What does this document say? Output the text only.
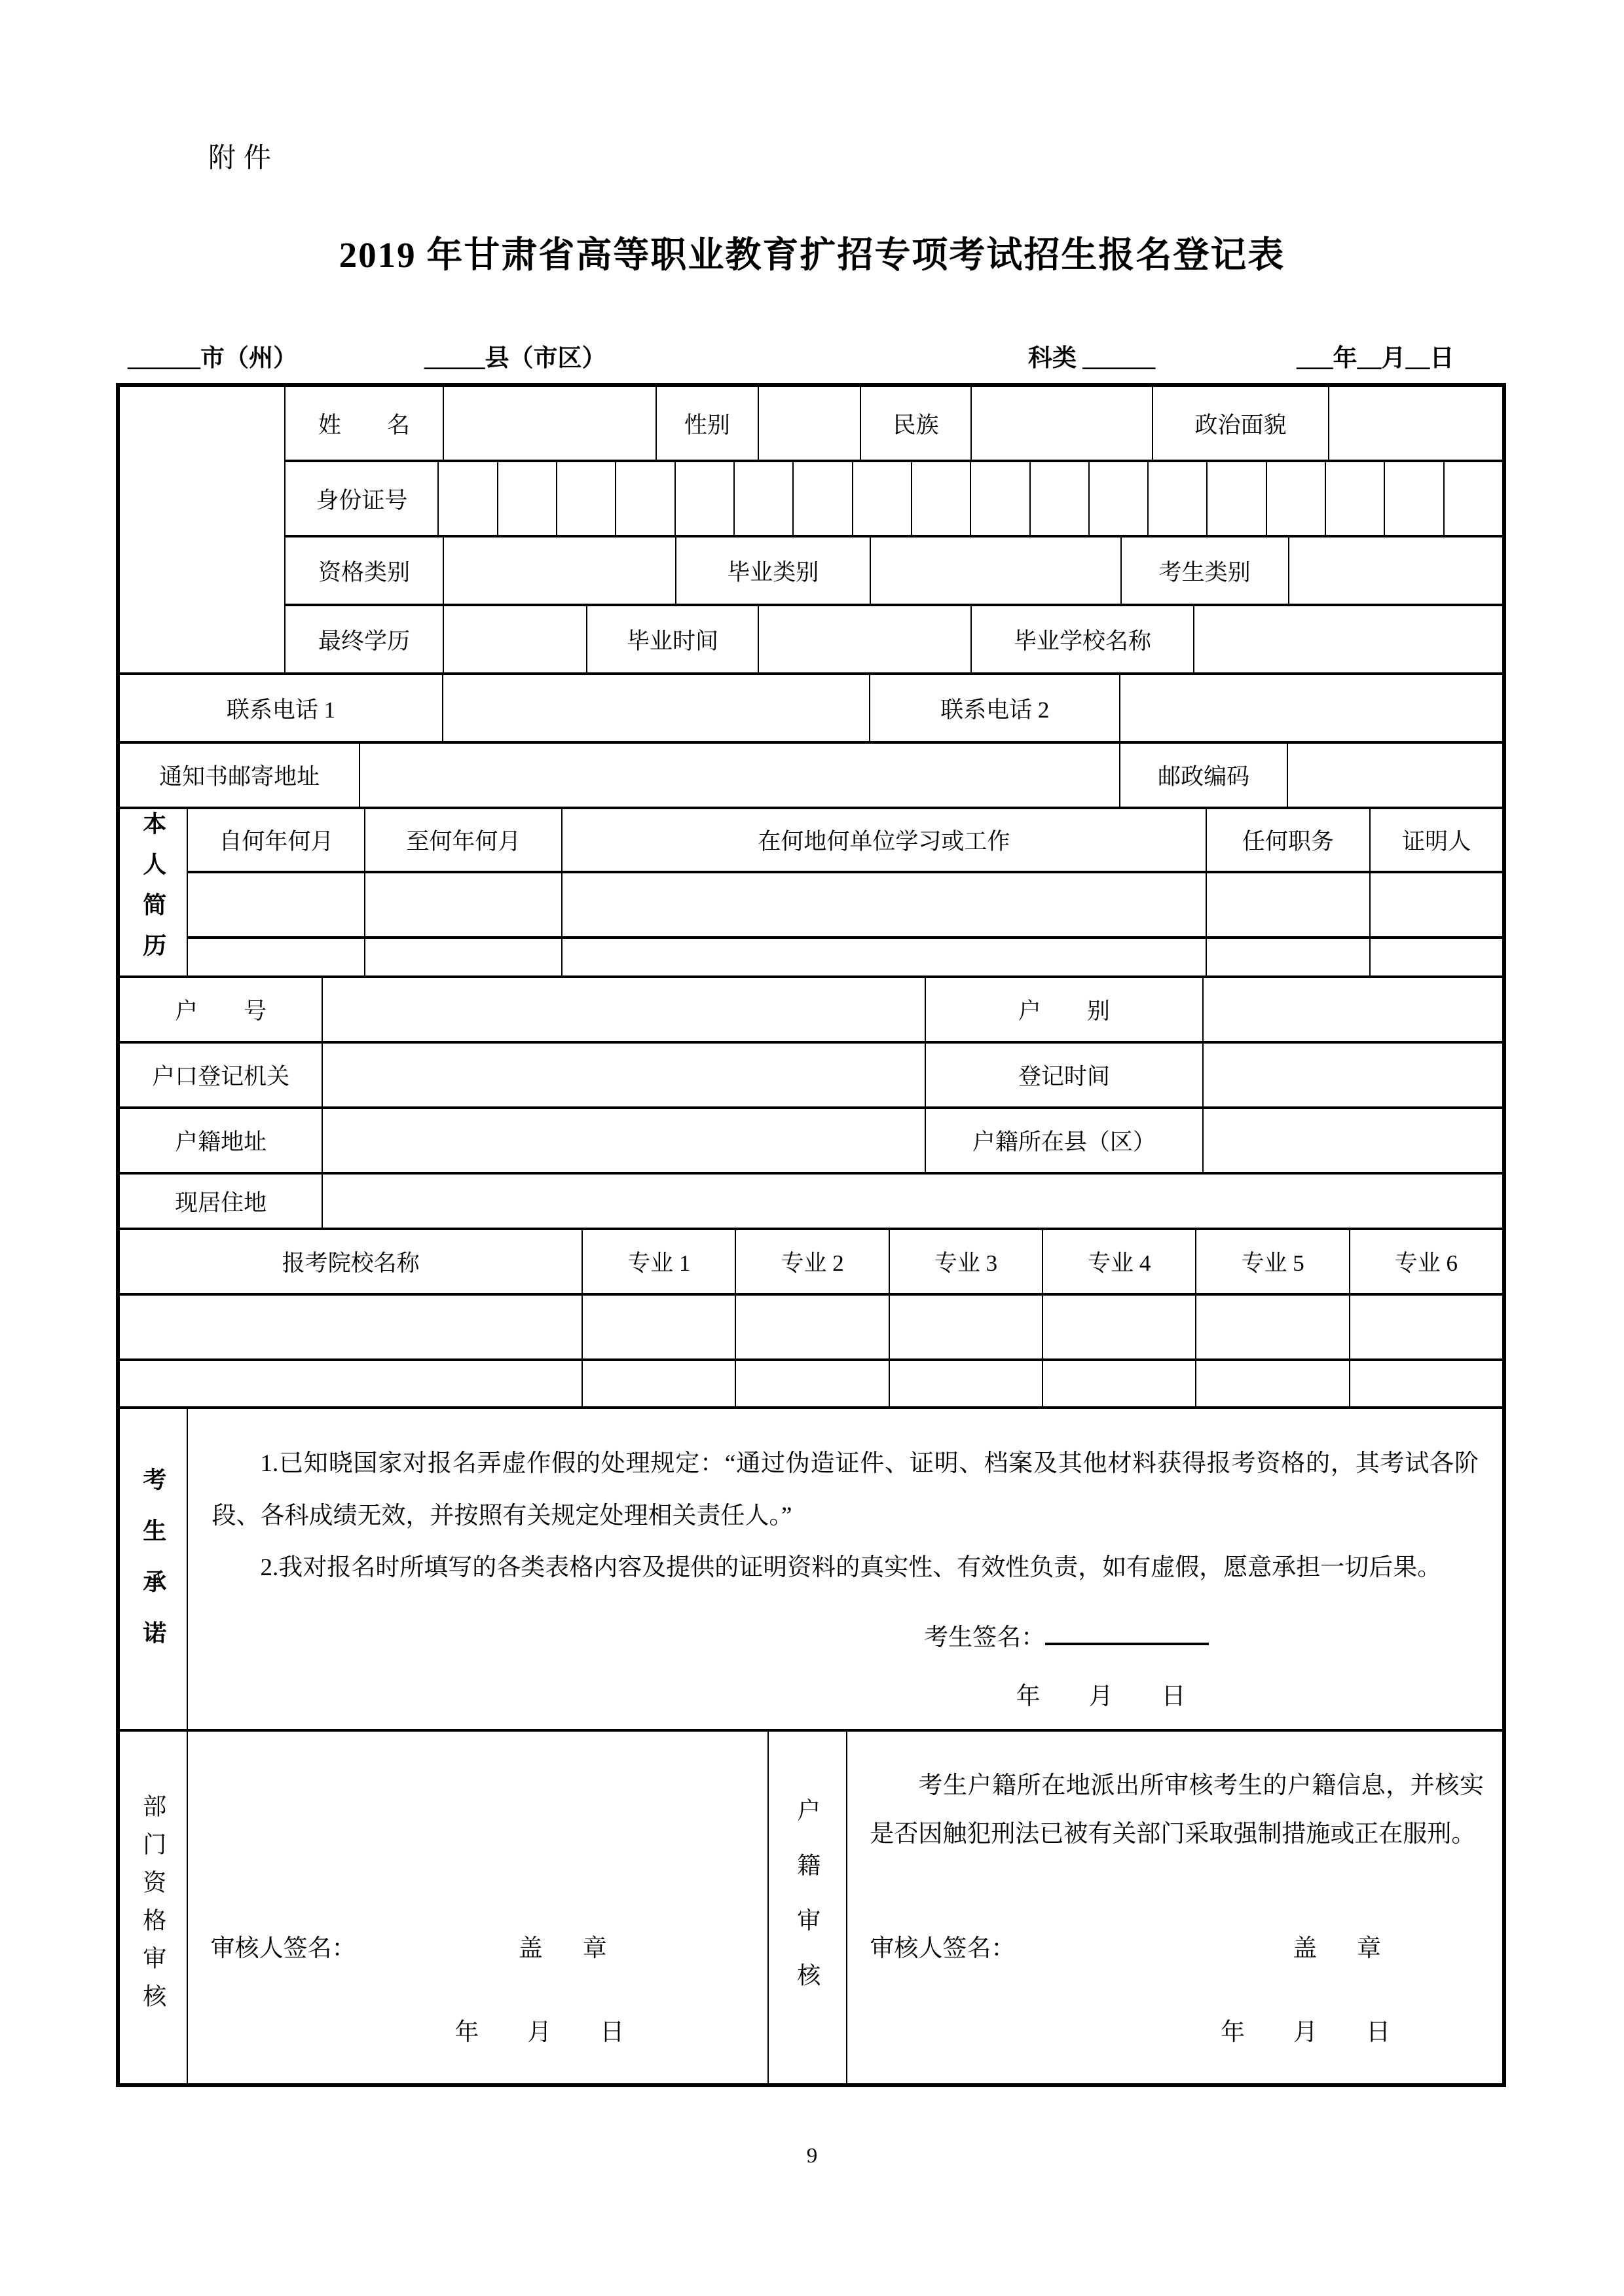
附件
2019 年甘肃省高等职业教育扩招专项考试招生报名登记表
______市（州）	_____县（市区）	科类 ______	___年__月__日
姓　　名	性别	民族	政治面貌
身份证号
资格类别	毕业类别	考生类别
最终学历	毕业时间	毕业学校名称
联系电话 1	联系电话 2
通知书邮寄地址	邮政编码
本人简历	自何年何月	至何年何月	在何地何单位学习或工作	任何职务	证明人
户　　号	户　　别
户口登记机关	登记时间
户籍地址	户籍所在县（区）
现居住地
报考院校名称	专业 1	专业 2	专业 3	专业 4	专业 5	专业 6
考生承诺

1.已知晓国家对报名弄虚作假的处理规定：“通过伪造证件、证明、档案及其他材料获得报考资格的，其考试各阶段、各科成绩无效，并按照有关规定处理相关责任人。”

2.我对报名时所填写的各类表格内容及提供的证明资料的真实性、有效性负责，如有虚假，愿意承担一切后果。

考生签名：
年　　月　　日
部门资格审核	审核人签名：	盖　章
年　　月　　日
户籍审核

考生户籍所在地派出所审核考生的户籍信息，并核实是否因触犯刑法已被有关部门采取强制措施或正在服刑。

审核人签名：	盖　章
年　　月　　日
9
